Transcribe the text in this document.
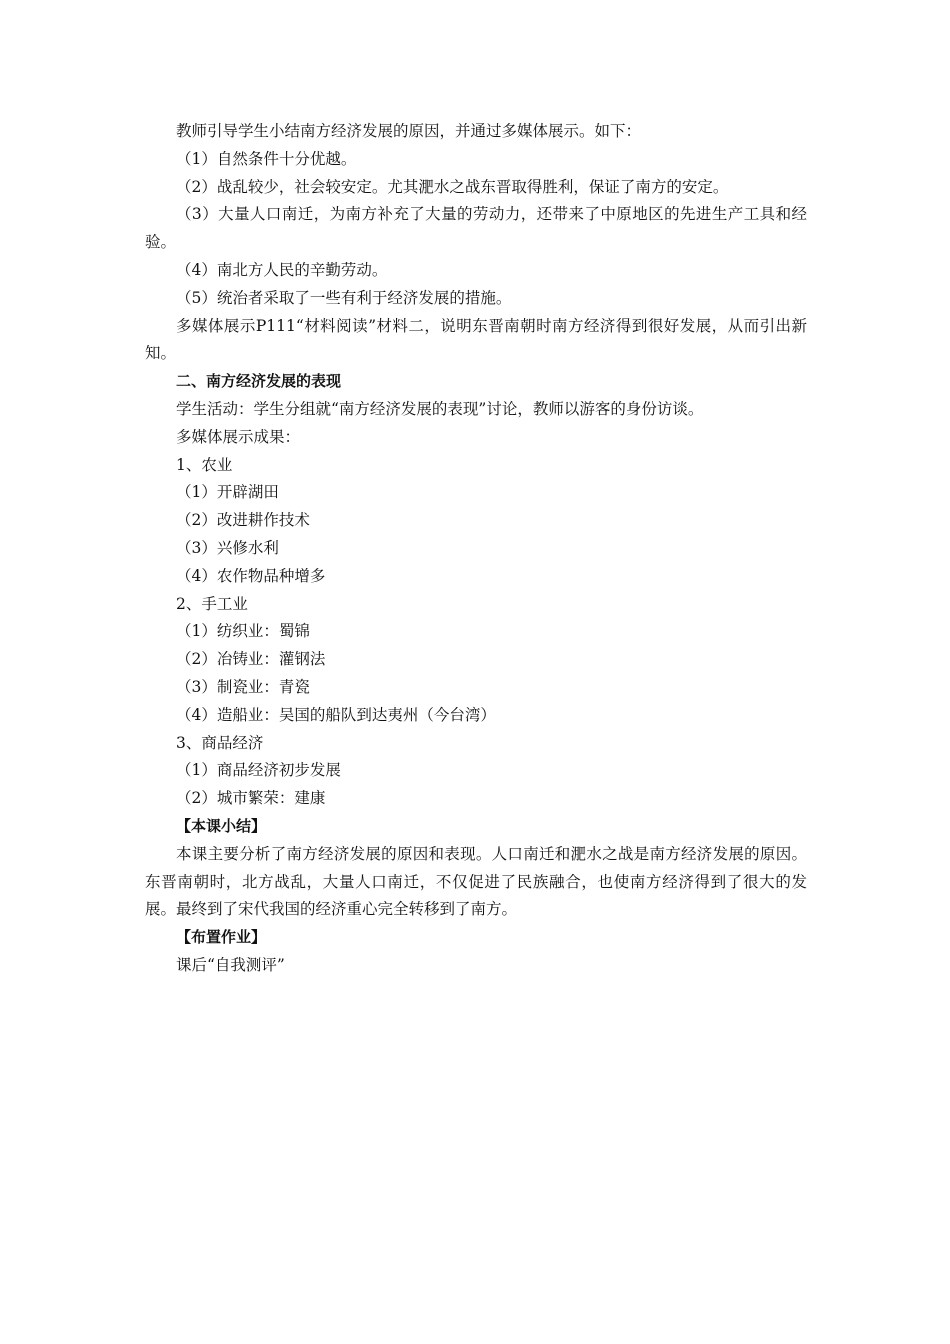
教师引导学生小结南方经济发展的原因，并通过多媒体展示。如下：

（1）自然条件十分优越。

（2）战乱较少，社会较安定。尤其淝水之战东晋取得胜利，保证了南方的安定。

（3）大量人口南迁，为南方补充了大量的劳动力，还带来了中原地区的先进生产工具和经验。

（4）南北方人民的辛勤劳动。

（5）统治者采取了一些有利于经济发展的措施。

多媒体展示P111“材料阅读”材料二，说明东晋南朝时南方经济得到很好发展，从而引出新知。

二、南方经济发展的表现

学生活动：学生分组就“南方经济发展的表现”讨论，教师以游客的身份访谈。

多媒体展示成果：

1、农业

（1）开辟湖田

（2）改进耕作技术

（3）兴修水利

（4）农作物品种增多

2、手工业

（1）纺织业：蜀锦

（2）冶铸业：灌钢法

（3）制瓷业：青瓷

（4）造船业：吴国的船队到达夷州（今台湾）

3、商品经济

（1）商品经济初步发展

（2）城市繁荣：建康

【本课小结】

本课主要分析了南方经济发展的原因和表现。人口南迁和淝水之战是南方经济发展的原因。东晋南朝时，北方战乱，大量人口南迁，不仅促进了民族融合，也使南方经济得到了很大的发展。最终到了宋代我国的经济重心完全转移到了南方。

【布置作业】

课后“自我测评”
